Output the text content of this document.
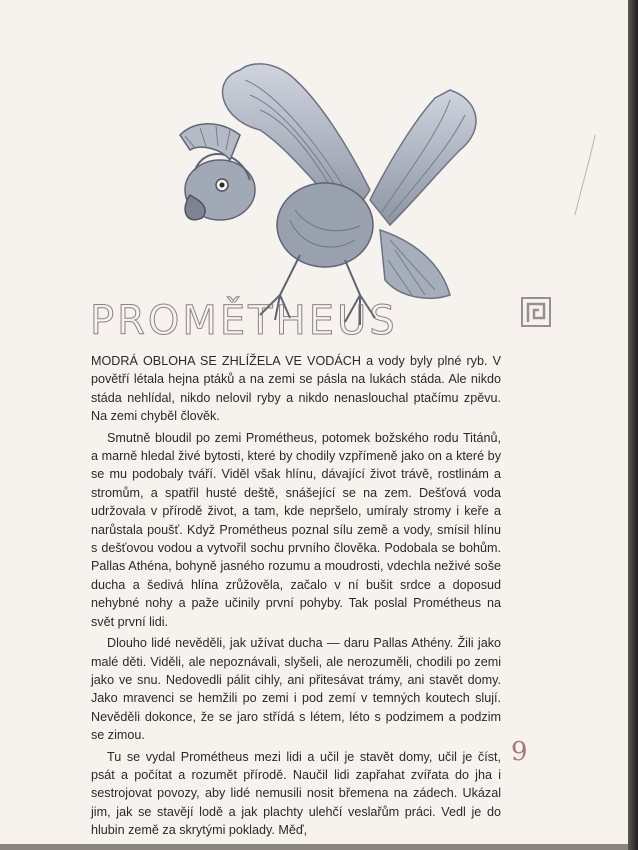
PROMĚTHEUS

MODRÁ OBLOHA SE ZHLÍŽELA VE VODÁCH a vody byly plné ryb. V povětří létala hejna ptáků a na zemi se pásla na lukách stáda. Ale nikdo stáda nehlídal, nikdo nelovil ryby a nikdo nenaslouchal ptačímu zpěvu. Na zemi chyběl člověk.

Smutně bloudil po zemi Prométheus, potomek božského rodu Titánů, a marně hledal živé bytosti, které by chodily vzpřímeně jako on a které by se mu podobaly tváří. Viděl však hlínu, dávající život trávě, rostlinám a stromům, a spatřil husté deště, snášející se na zem. Dešťová voda udržovala v přírodě život, a tam, kde nepršelo, umíraly stromy i keře a narůstala poušť. Když Prométheus poznal sílu země a vody, smísil hlínu s dešťovou vodou a vytvořil sochu prvního člověka. Podobala se bohům. Pallas Athéna, bohyně jasného rozumu a moudrosti, vdechla neživé soše ducha a šedivá hlína zrůžověla, začalo v ní bušit srdce a doposud nehybné nohy a paže učinily první pohyby. Tak poslal Prométheus na svět první lidi.

Dlouho lidé nevěděli, jak užívat ducha — daru Pallas Athény. Žili jako malé děti. Viděli, ale nepoznávali, slyšeli, ale nerozuměli, chodili po zemi jako ve snu. Nedovedli pálit cihly, ani přitesávat trámy, ani stavět domy. Jako mravenci se hemžili po zemi i pod zemí v temných koutech slují. Nevěděli dokonce, že se jaro střídá s létem, léto s podzimem a podzim se zimou.

Tu se vydal Prométheus mezi lidi a učil je stavět domy, učil je číst, psát a počítat a rozumět přírodě. Naučil lidi zapřahat zvířata do jha i sestrojovat povozy, aby lidé nemusili nosit břemena na zádech. Ukázal jim, jak se stavějí lodě a jak plachty ulehčí veslařům práci. Vedl je do hlubin země za skrytými poklady. Měď,

9
